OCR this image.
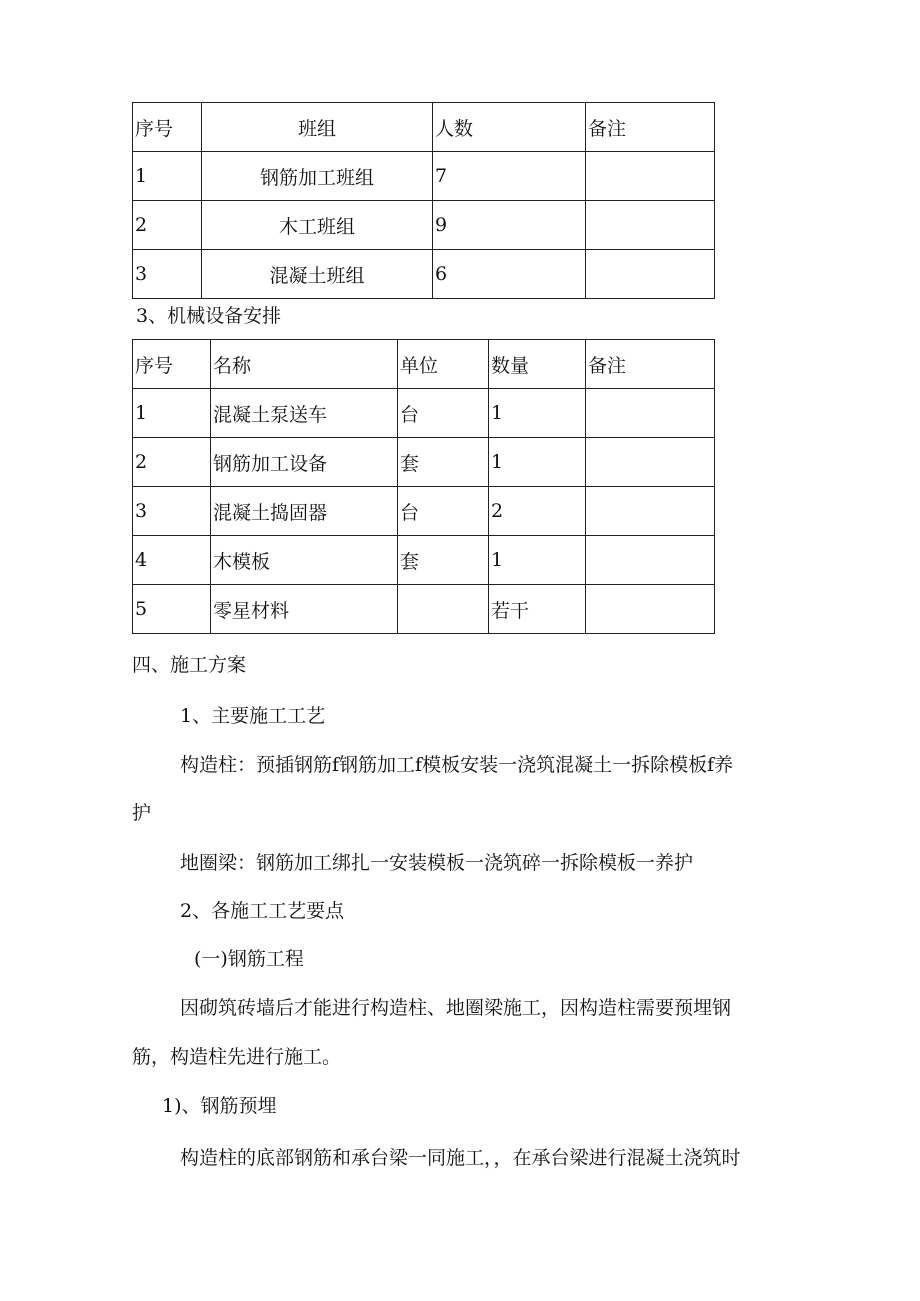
序号	班组	人数	备注
1	钢筋加工班组	7	
2	木工班组	9	
3	混凝土班组	6	
3、机械设备安排
序号	名称	单位	数量	备注
1	混凝土泵送车	台	1	
2	钢筋加工设备	套	1	
3	混凝土捣固器	台	2	
4	木模板	套	1	
5	零星材料		若干	
四、施工方案
1、主要施工工艺
构造柱：预插钢筋f钢筋加工f模板安装一浇筑混凝土一拆除模板f养
护
地圈梁：钢筋加工绑扎一安装模板一浇筑碎一拆除模板一养护
2、各施工工艺要点
(一)钢筋工程
因砌筑砖墙后才能进行构造柱、地圈梁施工，因构造柱需要预埋钢
筋，构造柱先进行施工。
1)、钢筋预埋
构造柱的底部钢筋和承台梁一同施工，，在承台梁进行混凝土浇筑时
